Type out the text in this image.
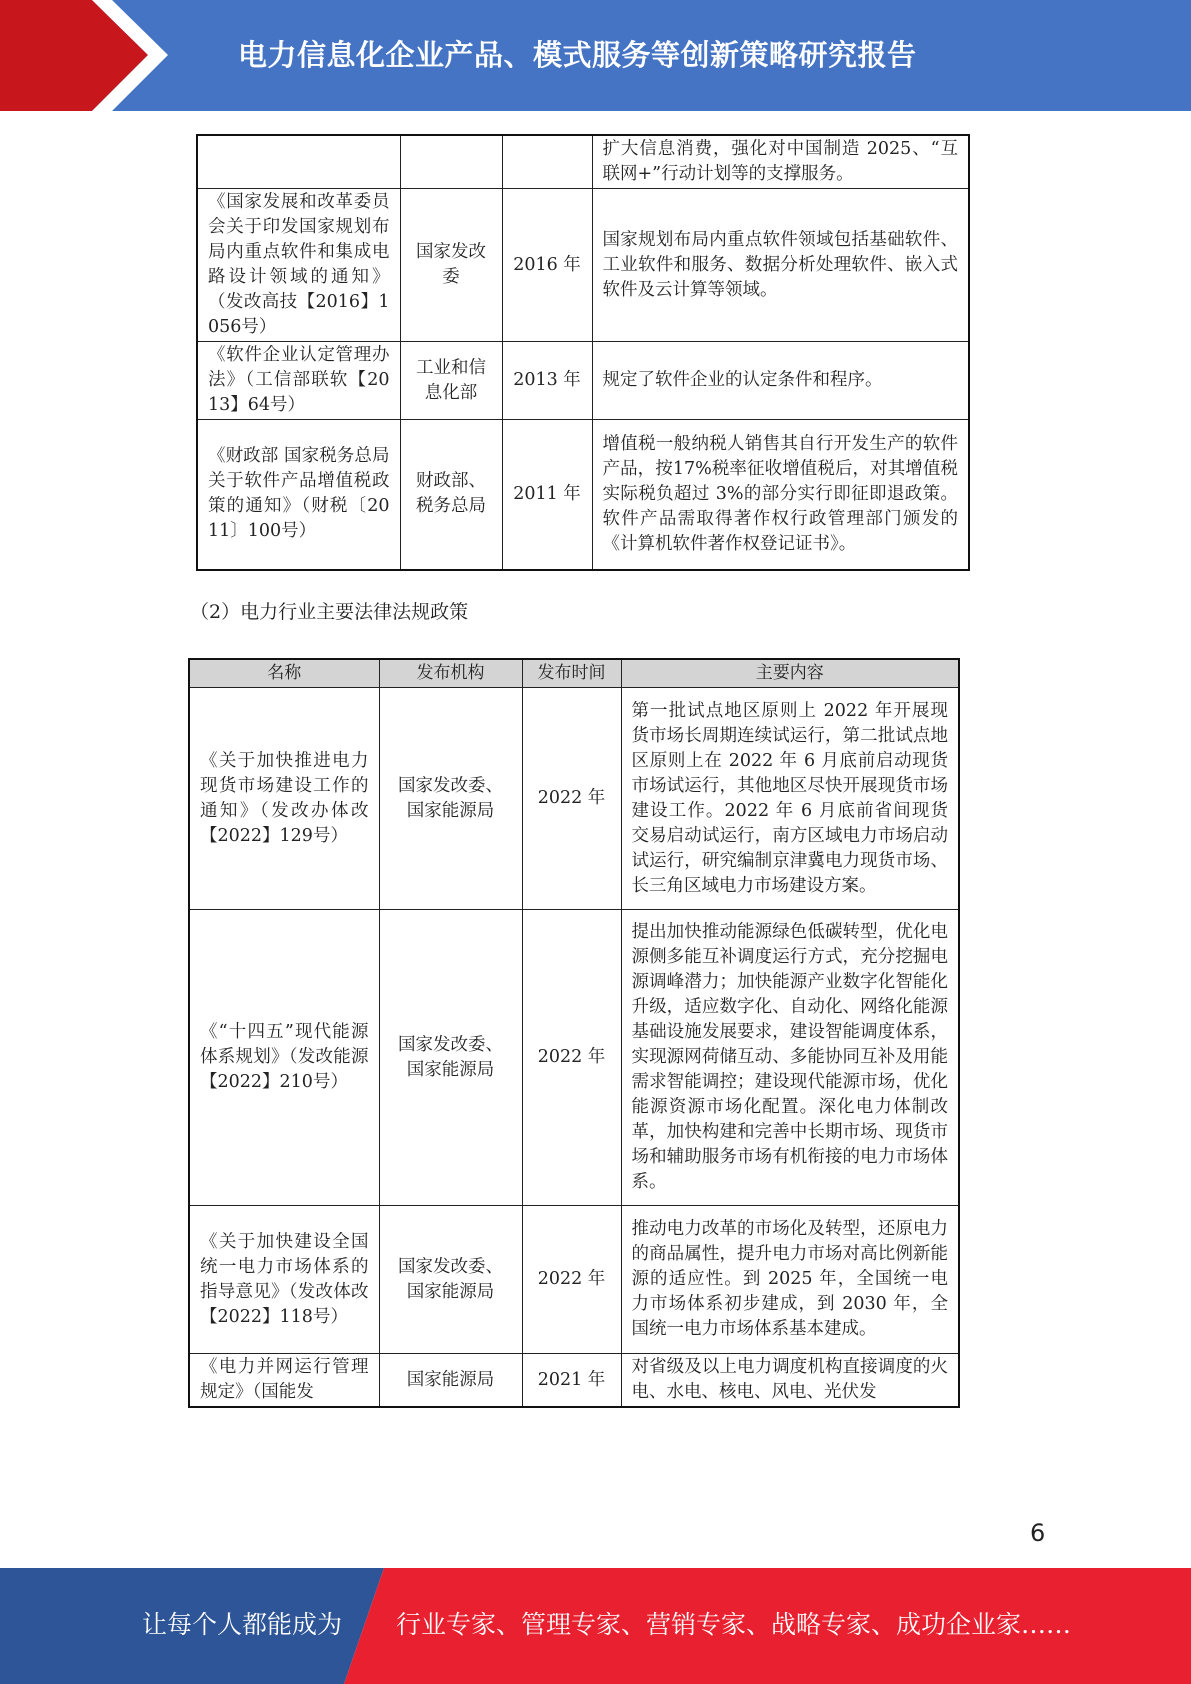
电力信息化企业产品、模式服务等创新策略研究报告
			扩大信息消费，强化对中国制造 2025、“互联网+”行动计划等的支撑服务。
《国家发展和改革委员会关于印发国家规划布局内重点软件和集成电路设计领域的通知》（发改高技【2016】1056号）	国家发改委	2016 年	国家规划布局内重点软件领域包括基础软件、工业软件和服务、数据分析处理软件、嵌入式软件及云计算等领域。
《软件企业认定管理办法》（工信部联软【2013】64号）	工业和信息化部	2013 年	规定了软件企业的认定条件和程序。
《财政部 国家税务总局关于软件产品增值税政策的通知》（财税〔2011〕100号）	财政部、税务总局	2011 年	增值税一般纳税人销售其自行开发生产的软件产品，按17%税率征收增值税后，对其增值税实际税负超过 3%的部分实行即征即退政策。软件产品需取得著作权行政管理部门颁发的《计算机软件著作权登记证书》。
（2）电力行业主要法律法规政策
名称	发布机构	发布时间	主要内容
《关于加快推进电力现货市场建设工作的通知》（发改办体改【2022】129号）	国家发改委、国家能源局	2022 年	第一批试点地区原则上 2022 年开展现货市场长周期连续试运行，第二批试点地区原则上在 2022 年 6 月底前启动现货市场试运行，其他地区尽快开展现货市场建设工作。2022 年 6 月底前省间现货交易启动试运行，南方区域电力市场启动试运行，研究编制京津冀电力现货市场、长三角区域电力市场建设方案。
《“十四五”现代能源体系规划》（发改能源【2022】210号）	国家发改委、国家能源局	2022 年	提出加快推动能源绿色低碳转型，优化电源侧多能互补调度运行方式，充分挖掘电源调峰潜力；加快能源产业数字化智能化升级，适应数字化、自动化、网络化能源基础设施发展要求，建设智能调度体系，实现源网荷储互动、多能协同互补及用能需求智能调控；建设现代能源市场，优化能源资源市场化配置。深化电力体制改革，加快构建和完善中长期市场、现货市场和辅助服务市场有机衔接的电力市场体系。
《关于加快建设全国统一电力市场体系的指导意见》（发改体改【2022】118号）	国家发改委、国家能源局	2022 年	推动电力改革的市场化及转型，还原电力的商品属性，提升电力市场对高比例新能源的适应性。到 2025 年，全国统一电力市场体系初步建成，到 2030 年，全国统一电力市场体系基本建成。
《电力并网运行管理规定》（国能发	国家能源局	2021 年	对省级及以上电力调度机构直接调度的火电、水电、核电、风电、光伏发
6
让每个人都能成为 行业专家、管理专家、营销专家、战略专家、成功企业家……
